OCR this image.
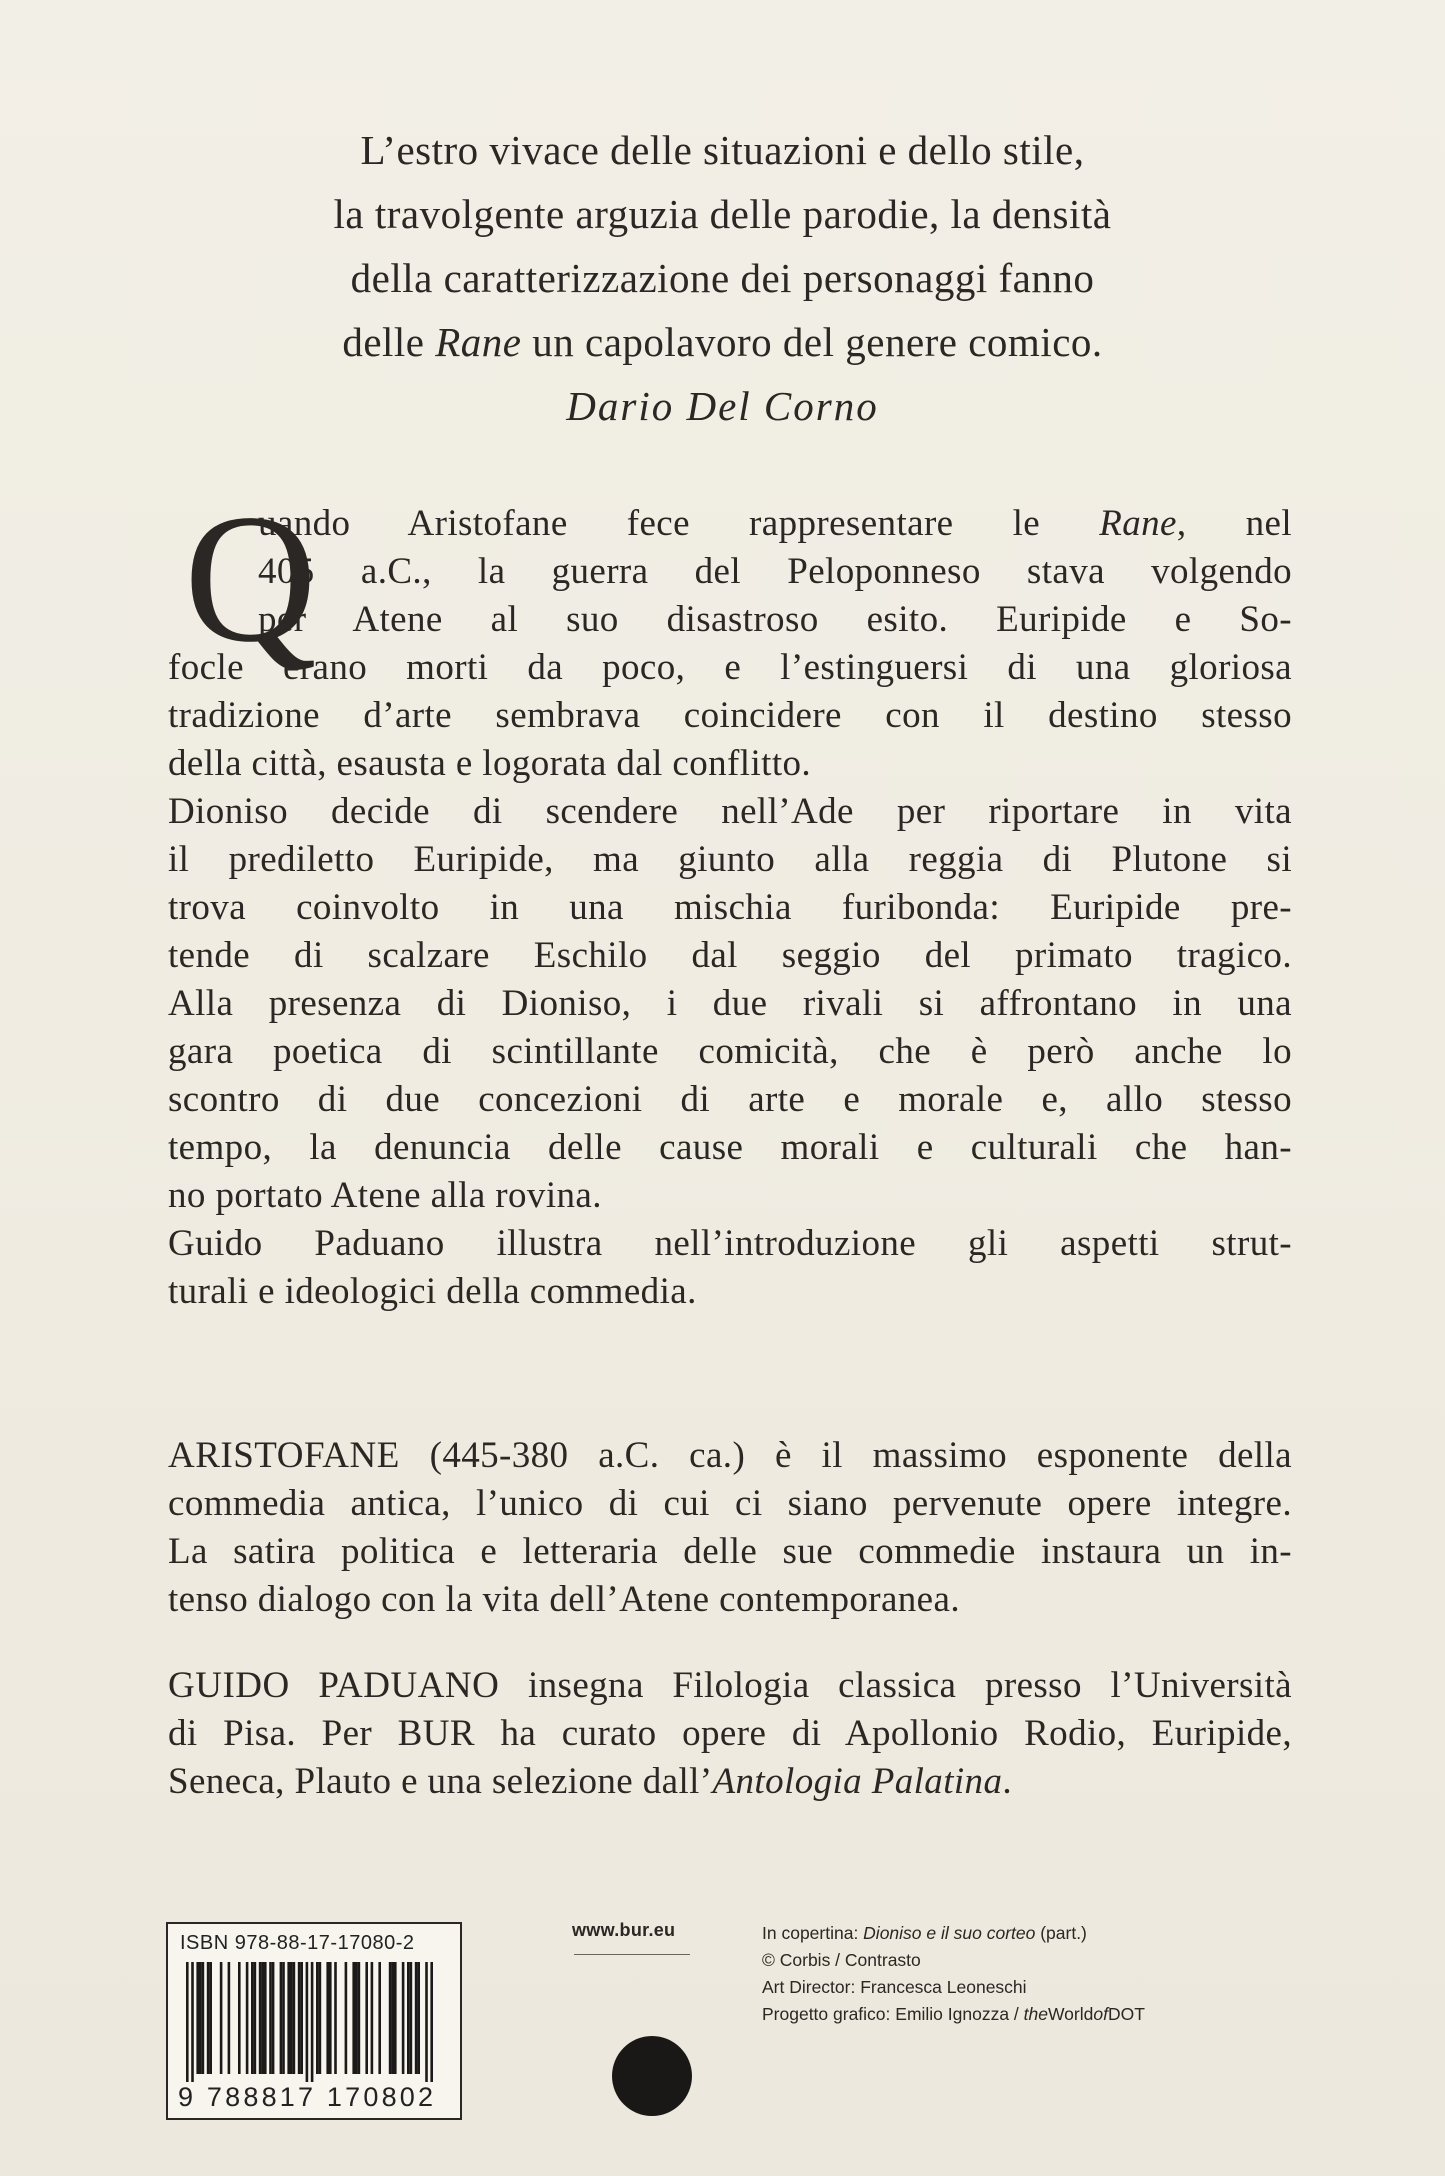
L’estro vivace delle situazioni e dello stile,
la travolgente arguzia delle parodie, la densità
della caratterizzazione dei personaggi fanno
delle Rane un capolavoro del genere comico.
Dario Del Corno
Q
uando Aristofane fece rappresentare le Rane, nel
405 a.C., la guerra del Peloponneso stava volgendo
per Atene al suo disastroso esito. Euripide e So-
focle erano morti da poco, e l’estinguersi di una gloriosa
tradizione d’arte sembrava coincidere con il destino stesso
della città, esausta e logorata dal conflitto.
Dioniso decide di scendere nell’Ade per riportare in vita
il prediletto Euripide, ma giunto alla reggia di Plutone si
trova coinvolto in una mischia furibonda: Euripide pre-
tende di scalzare Eschilo dal seggio del primato tragico.
Alla presenza di Dioniso, i due rivali si affrontano in una
gara poetica di scintillante comicità, che è però anche lo
scontro di due concezioni di arte e morale e, allo stesso
tempo, la denuncia delle cause morali e culturali che han-
no portato Atene alla rovina.
Guido Paduano illustra nell’introduzione gli aspetti strut-
turali e ideologici della commedia.
ARISTOFANE (445-380 a.C. ca.) è il massimo esponente della
commedia antica, l’unico di cui ci siano pervenute opere integre.
La satira politica e letteraria delle sue commedie instaura un in-
tenso dialogo con la vita dell’Atene contemporanea.
GUIDO PADUANO insegna Filologia classica presso l’Università
di Pisa. Per BUR ha curato opere di Apollonio Rodio, Euripide,
Seneca, Plauto e una selezione dall’Antologia Palatina.
ISBN 978-88-17-17080-2
9 788817 170802
www.bur.eu	In copertina: Dioniso e il suo corteo (part.)
© Corbis / Contrasto
Art Director: Francesca Leoneschi
Progetto grafico: Emilio Ignozza / theWorldofDOT
